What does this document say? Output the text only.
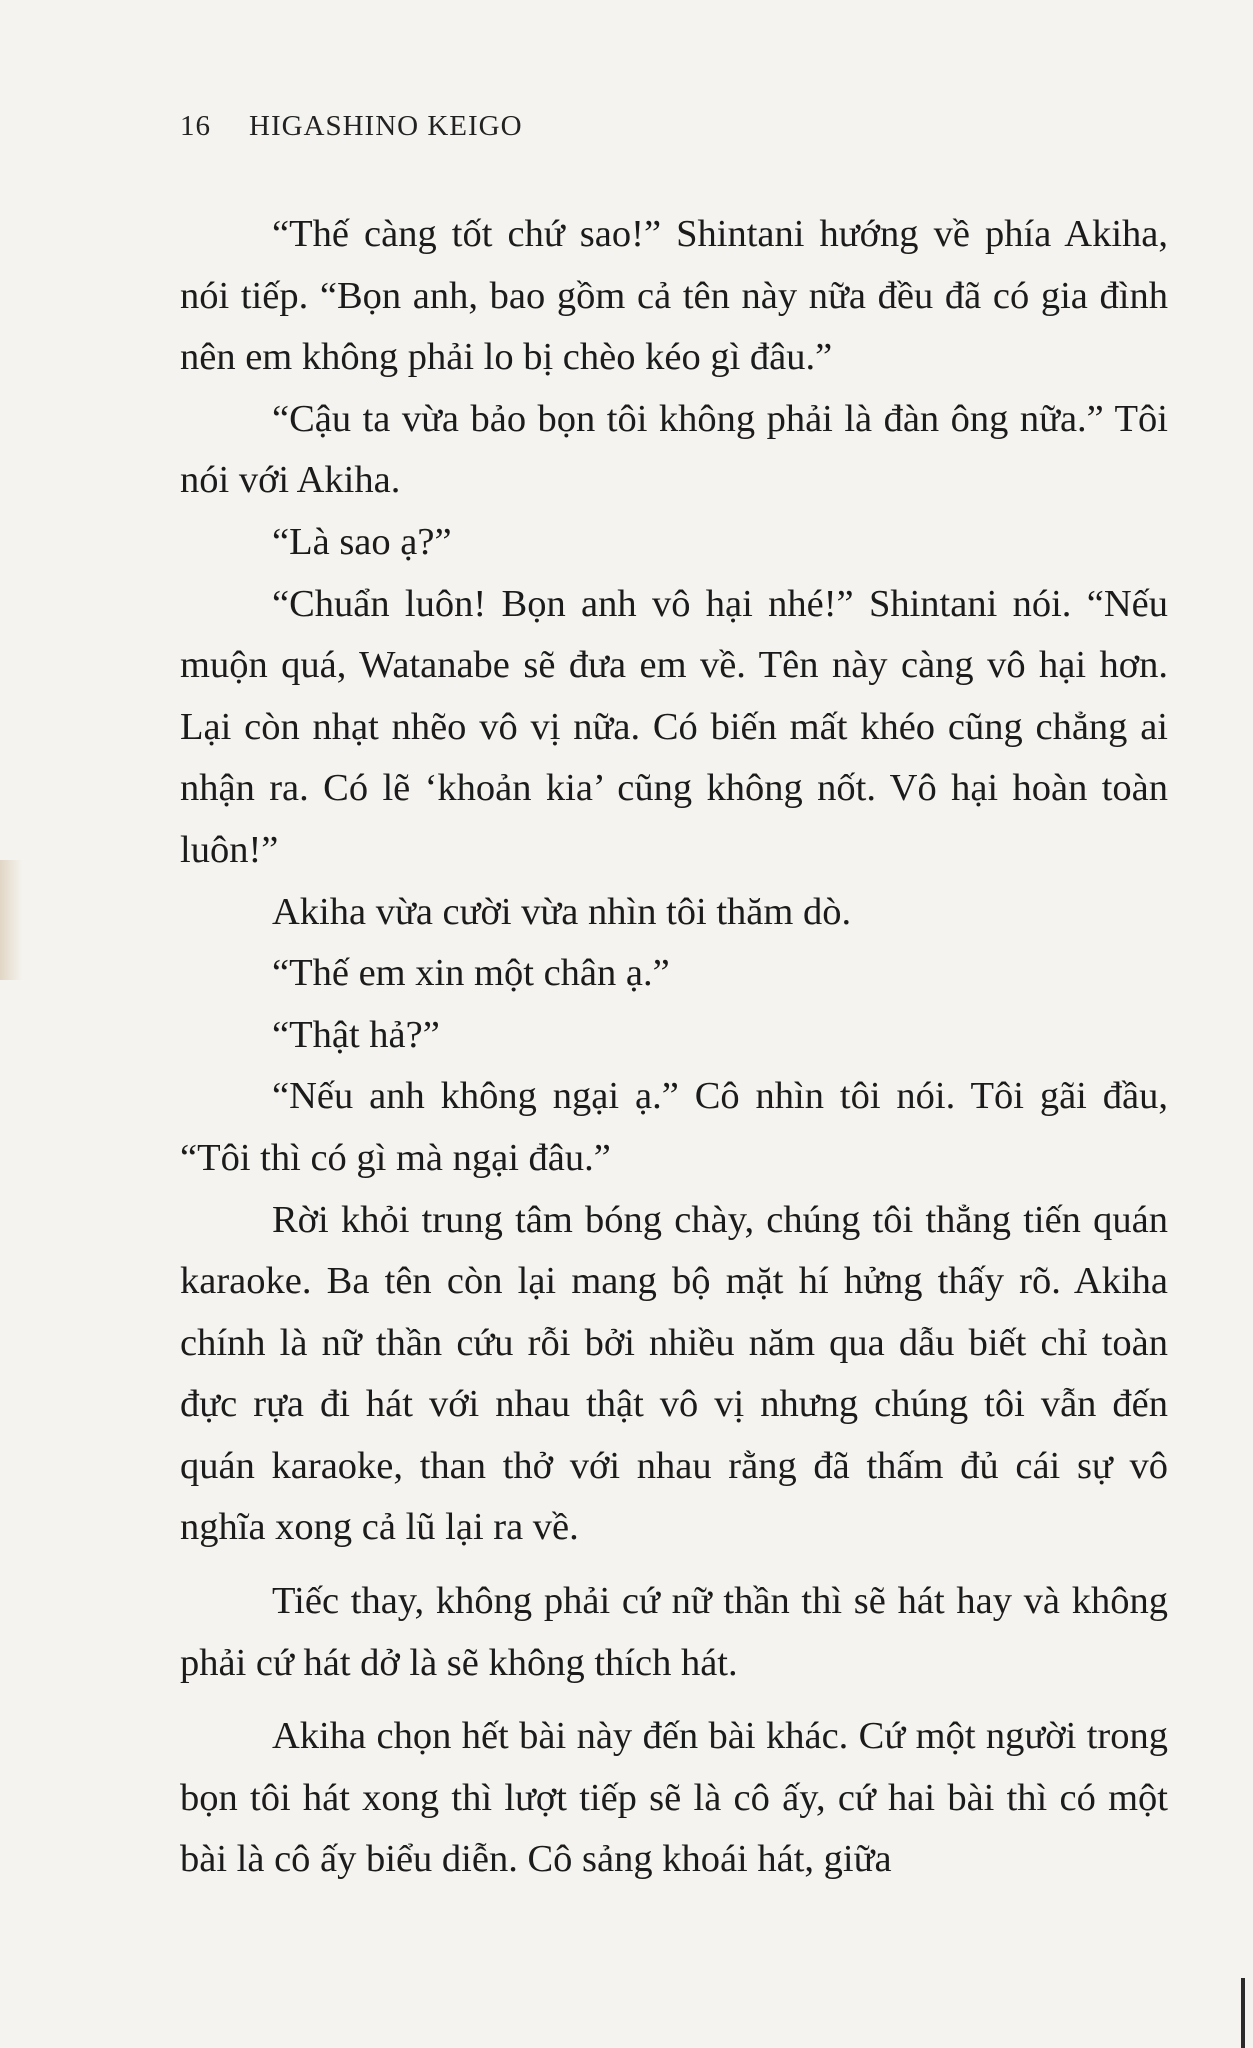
16 HIGASHINO KEIGO

“Thế càng tốt chứ sao!” Shintani hướng về phía Akiha, nói tiếp. “Bọn anh, bao gồm cả tên này nữa đều đã có gia đình nên em không phải lo bị chèo kéo gì đâu.”

“Cậu ta vừa bảo bọn tôi không phải là đàn ông nữa.” Tôi nói với Akiha.

“Là sao ạ?”

“Chuẩn luôn! Bọn anh vô hại nhé!” Shintani nói. “Nếu muộn quá, Watanabe sẽ đưa em về. Tên này càng vô hại hơn. Lại còn nhạt nhẽo vô vị nữa. Có biến mất khéo cũng chẳng ai nhận ra. Có lẽ ‘khoản kia’ cũng không nốt. Vô hại hoàn toàn luôn!”

Akiha vừa cười vừa nhìn tôi thăm dò.

“Thế em xin một chân ạ.”

“Thật hả?”

“Nếu anh không ngại ạ.” Cô nhìn tôi nói. Tôi gãi đầu, “Tôi thì có gì mà ngại đâu.”

Rời khỏi trung tâm bóng chày, chúng tôi thẳng tiến quán karaoke. Ba tên còn lại mang bộ mặt hí hửng thấy rõ. Akiha chính là nữ thần cứu rỗi bởi nhiều năm qua dẫu biết chỉ toàn đực rựa đi hát với nhau thật vô vị nhưng chúng tôi vẫn đến quán karaoke, than thở với nhau rằng đã thấm đủ cái sự vô nghĩa xong cả lũ lại ra về.

Tiếc thay, không phải cứ nữ thần thì sẽ hát hay và không phải cứ hát dở là sẽ không thích hát.

Akiha chọn hết bài này đến bài khác. Cứ một người trong bọn tôi hát xong thì lượt tiếp sẽ là cô ấy, cứ hai bài thì có một bài là cô ấy biểu diễn. Cô sảng khoái hát, giữa
